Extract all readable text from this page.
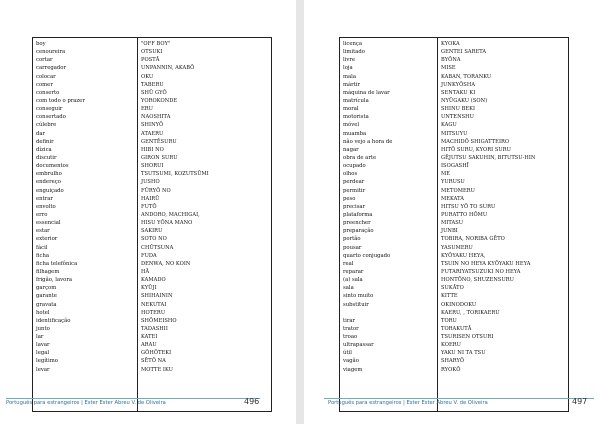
boy
cenoureira
cortar
carregador
colocar
comer
conserto
com todo o prazer
conseguir
consertado
cúlebre
dar
definir
dízica
discutir
documentos
embrulho
endereço
enguiçado
entrar
envolto
erro
essencial
estar
exterior
fácil
ficha
ficha telefônica
filhagem
frigão, lavora
garçom
garante
gravata
hotel
identificação
junto
lar
lavar
legal
legítimo
levar
"OFF BOY"
OTSUKI
POSTĀ
UNPANNIN, AKABŌ
OKU
TABERU
SHŪ GYŌ
YOROKONDE
ERU
NAOSHITA
SHINYŌ
ATAERU
GENTĒSURU
HIBI NO
GIRON SURU
SHORUI
TSUTSUMI, KOZUTSŪMI
JUSHO
FŪRYŌ NO
HAIRŪ
FUTŌ
ANDORO, MACHIGAI,
HISU YŌNA MANO
SAKIRU
SOTO NO
CHŪTSUNA
FUDA
DENWA, NO KOIN
HĀ
KAMADO
KYŪJI
SHIHAININ
NEKUTAI
HOTERU
SHŌMEISHO
TADASHII
KATEI
ARAU
GŌHŌTEKI
SĒTŌ NA
MOTTE IKU
Português para estrangeiros | Ester Ester Abreu V. de Oliveira	496
licença
limitado
livre
loja
mala
mártir
máquina de lavar
matrícula
moral
motorista
móvel
muamba
não vejo a hora de
nagar
obra de arte
ocupado
olhos
perdear
permitir
peso
precisar
plataforma
preencher
preparação
portão
pousar
quarto conjugado
real
reparar
(a) sala
sala
sinto muito
substituir
tirar
trator
troao
ultrapassar
útil
vagão
viagem
KYOKA
GENTEI SARETA
BYŌNA
MISE
KABAN, TORANKU
JUNKYŌSHA
SENTAKU KI
NYŪGAKU (SON)
SHINU BEKI
UNTENSHU
KAGU
MITSUYU
MACHIDŌ SHIGATTEIRO
HITŌ SURU, KYORI SURU
GĒJUTSU SAKUHIN, BITUTSU-HIN
ISOGASHĪ
ME
YURUSU
METOMERU
MEKATA
HITSU YŌ TO SURU
PURATTO HŌMU
MITASU
JUNBI
TOBIRA, NORIBA GĒTO
YASUMERU
KYŌYAKU HEYA,
TSUIN NO HEYA KYŌYAKU HEYA
FUTARIYATSUZUKI NO HEYA
HONTŌNO, SHUZENSURU
SUKĀTO
KITTE
OKINODOKU
KAERU, , TORIKAERU
TORU
TORAKUTĀ
TSURISEN OTSURI
KOERU
YAKU NI TA TSU
SHARYŌ
RYOKŌ
Português para estrangeiros | Ester Ester Abreu V. de Oliveira	497
